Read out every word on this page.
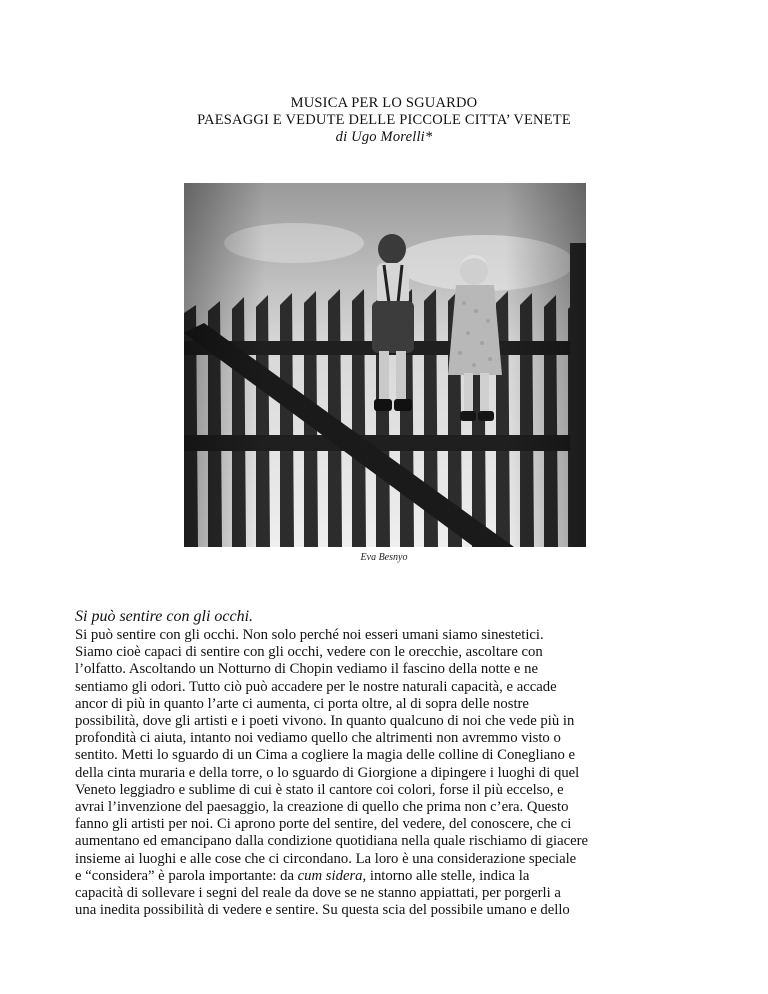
MUSICA PER LO SGUARDO
PAESAGGI E VEDUTE DELLE PICCOLE CITTA’ VENETE
di Ugo Morelli*
Eva Besnyo
Si può sentire con gli occhi.
Si può sentire con gli occhi. Non solo perché noi esseri umani siamo sinestetici.
Siamo cioè capaci di sentire con gli occhi, vedere con le orecchie, ascoltare con
l’olfatto. Ascoltando un Notturno di Chopin vediamo il fascino della notte e ne
sentiamo gli odori. Tutto ciò può accadere per le nostre naturali capacità, e accade
ancor di più in quanto l’arte ci aumenta, ci porta oltre, al di sopra delle nostre
possibilità, dove gli artisti e i poeti vivono. In quanto qualcuno di noi che vede più in
profondità ci aiuta, intanto noi vediamo quello che altrimenti non avremmo visto o
sentito. Metti lo sguardo di un Cima a cogliere la magia delle colline di Conegliano e
della cinta muraria e della torre, o lo sguardo di Giorgione a dipingere i luoghi di quel
Veneto leggiadro e sublime di cui è stato il cantore coi colori, forse il più eccelso, e
avrai l’invenzione del paesaggio, la creazione di quello che prima non c’era. Questo
fanno gli artisti per noi. Ci aprono porte del sentire, del vedere, del conoscere, che ci
aumentano ed emancipano dalla condizione quotidiana nella quale rischiamo di giacere
insieme ai luoghi e alle cose che ci circondano. La loro è una considerazione speciale
e “considera” è parola importante: da cum sidera, intorno alle stelle, indica la
capacità di sollevare i segni del reale da dove se ne stanno appiattati, per porgerli a
una inedita possibilità di vedere e sentire. Su questa scia del possibile umano e dello
